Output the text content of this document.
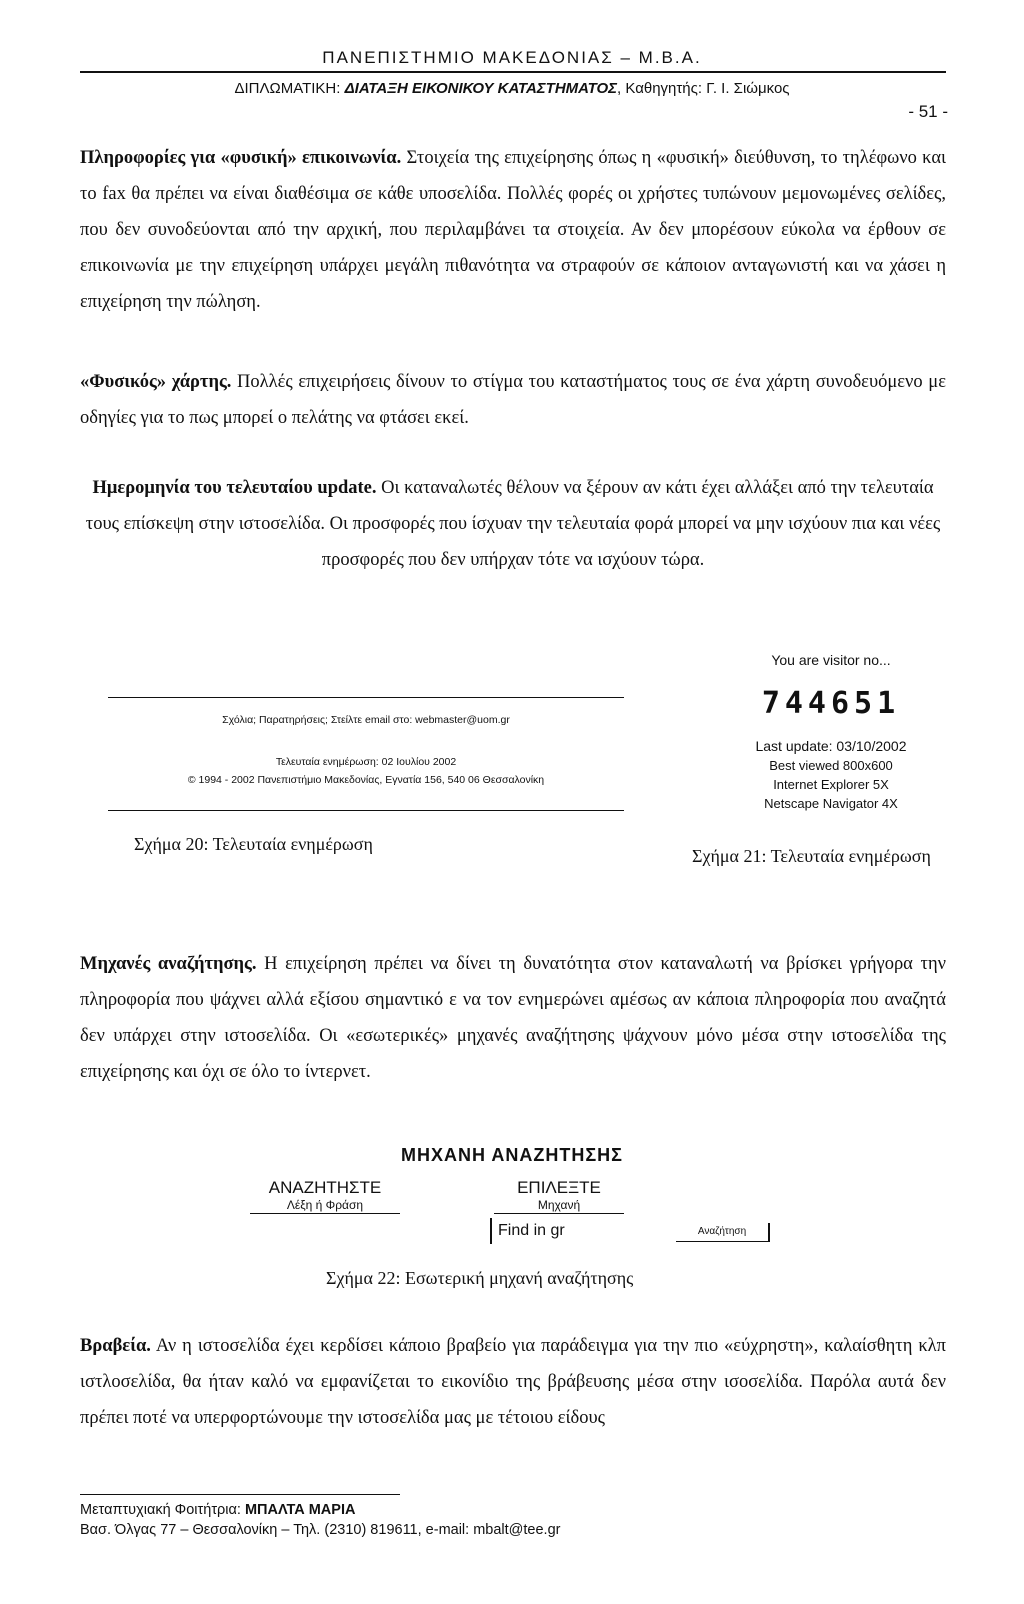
ΠΑΝΕΠΙΣΤΗΜΙΟ ΜΑΚΕΔΟΝΙΑΣ – Μ.Β.Α.
ΔΙΠΛΩΜΑΤΙΚΗ: ΔΙΑΤΑΞΗ ΕΙΚΟΝΙΚΟΥ ΚΑΤΑΣΤΗΜΑΤΟΣ, Καθηγητής: Γ. Ι. Σιώμκος
- 51 -
Πληροφορίες για «φυσική» επικοινωνία. Στοιχεία της επιχείρησης όπως η «φυσική» διεύθυνση, το τηλέφωνο και το fax θα πρέπει να είναι διαθέσιμα σε κάθε υποσελίδα. Πολλές φορές οι χρήστες τυπώνουν μεμονωμένες σελίδες, που δεν συνοδεύονται από την αρχική, που περιλαμβάνει τα στοιχεία. Αν δεν μπορέσουν εύκολα να έρθουν σε επικοινωνία με την επιχείρηση υπάρχει μεγάλη πιθανότητα να στραφούν σε κάποιον ανταγωνιστή και να χάσει η επιχείρηση την πώληση.
«Φυσικός» χάρτης. Πολλές επιχειρήσεις δίνουν το στίγμα του καταστήματος τους σε ένα χάρτη συνοδευόμενο με οδηγίες για το πως μπορεί ο πελάτης να φτάσει εκεί.
Ημερομηνία του τελευταίου update. Οι καταναλωτές θέλουν να ξέρουν αν κάτι έχει αλλάξει από την τελευταία τους επίσκεψη στην ιστοσελίδα. Οι προσφορές που ίσχυαν την τελευταία φορά μπορεί να μην ισχύουν πια και νέες προσφορές που δεν υπήρχαν τότε να ισχύουν τώρα.
Σχόλια; Παρατηρήσεις; Στείλτε email στο: webmaster@uom.gr
Τελευταία ενημέρωση: 02 Ιουλίου 2002
© 1994 - 2002 Πανεπιστήμιο Μακεδονίας, Εγνατία 156, 540 06 Θεσσαλονίκη
Σχήμα 20: Τελευταία ενημέρωση
You are visitor no...
744651
Last update: 03/10/2002
Best viewed 800x600
Internet Explorer 5X
Netscape Navigator 4X
Σχήμα 21: Τελευταία ενημέρωση
Μηχανές αναζήτησης. Η επιχείρηση πρέπει να δίνει τη δυνατότητα στον καταναλωτή να βρίσκει γρήγορα την πληροφορία που ψάχνει αλλά εξίσου σημαντικό ε να τον ενημερώνει αμέσως αν κάποια πληροφορία που αναζητά δεν υπάρχει στην ιστοσελίδα. Οι «εσωτερικές» μηχανές αναζήτησης ψάχνουν μόνο μέσα στην ιστοσελίδα της επιχείρησης και όχι σε όλο το ίντερνετ.
ΜΗΧΑΝΗ ΑΝΑΖΗΤΗΣΗΣ
ΑΝΑΖΗΤΗΣΤΕ
Λέξη ή Φράση
ΕΠΙΛΕΞΤΕ
Μηχανή
Find in gr	Αναζήτηση
Σχήμα 22: Εσωτερική μηχανή αναζήτησης
Βραβεία. Αν η ιστοσελίδα έχει κερδίσει κάποιο βραβείο για παράδειγμα για την πιο «εύχρηστη», καλαίσθητη κλπ ιστλοσελίδα, θα ήταν καλό να εμφανίζεται το εικονίδιο της βράβευσης μέσα στην ισοσελίδα. Παρόλα αυτά δεν πρέπει ποτέ να υπερφορτώνουμε την ιστοσελίδα μας με τέτοιου είδους
Μεταπτυχιακή Φοιτήτρια: ΜΠΑΛΤΑ ΜΑΡΙΑ
Βασ. Όλγας 77 – Θεσσαλονίκη – Τηλ. (2310) 819611, e-mail: mbalt@tee.gr
